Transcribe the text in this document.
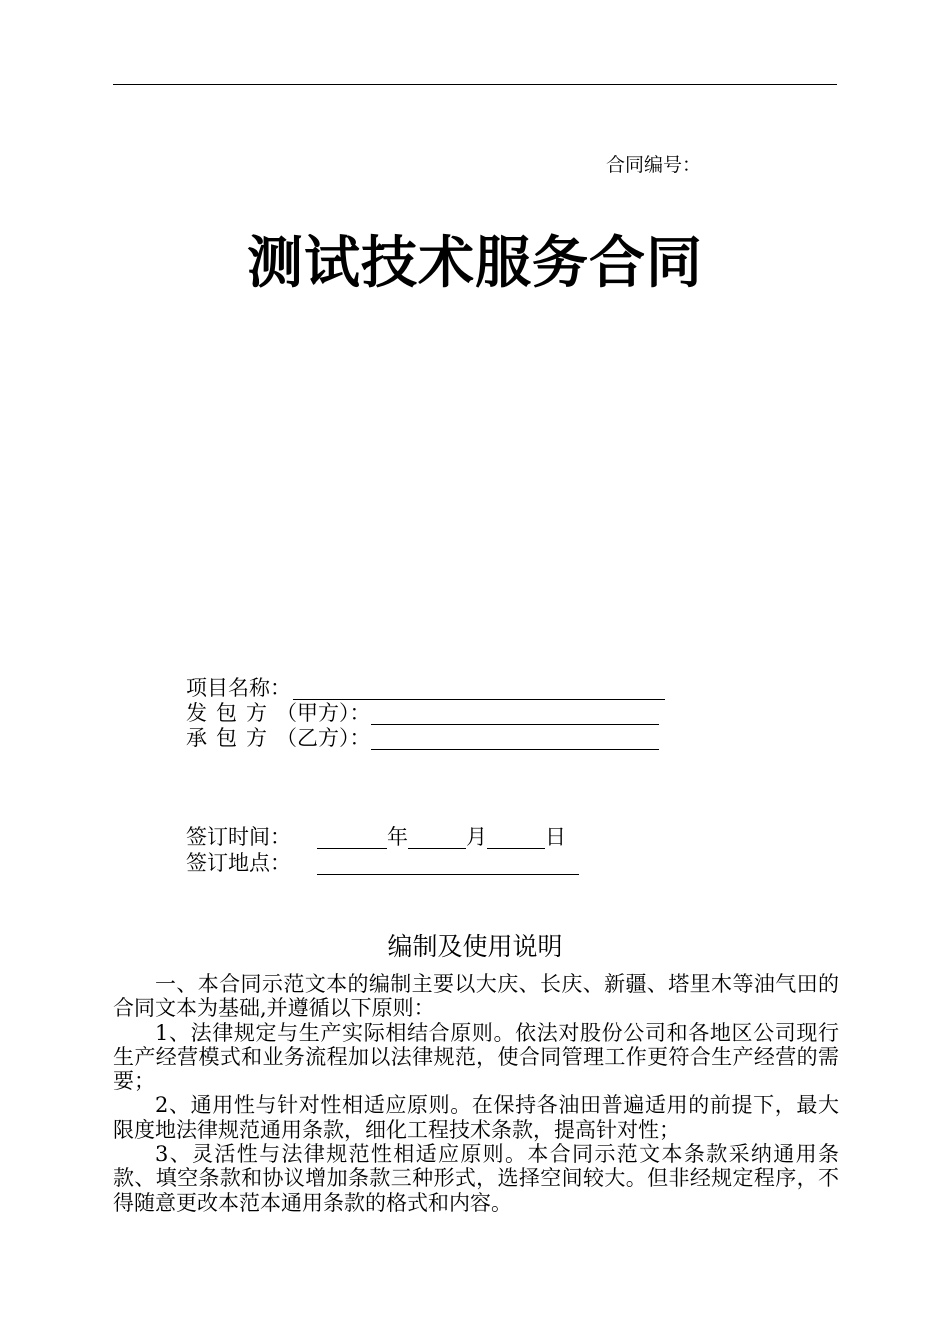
合同编号：
测试技术服务合同
项目名称：
发包方（甲方）：
承包方（乙方）：
签订时间：	年	月	日
签订地点：
编制及使用说明

一、本合同示范文本的编制主要以大庆、长庆、新疆、塔里木等油气田的合同文本为基础,并遵循以下原则：

1、法律规定与生产实际相结合原则。依法对股份公司和各地区公司现行生产经营模式和业务流程加以法律规范，使合同管理工作更符合生产经营的需要；

2、通用性与针对性相适应原则。在保持各油田普遍适用的前提下，最大限度地法律规范通用条款，细化工程技术条款，提高针对性；

3、灵活性与法律规范性相适应原则。本合同示范文本条款采纳通用条款、填空条款和协议增加条款三种形式，选择空间较大。但非经规定程序，不得随意更改本范本通用条款的格式和内容。
